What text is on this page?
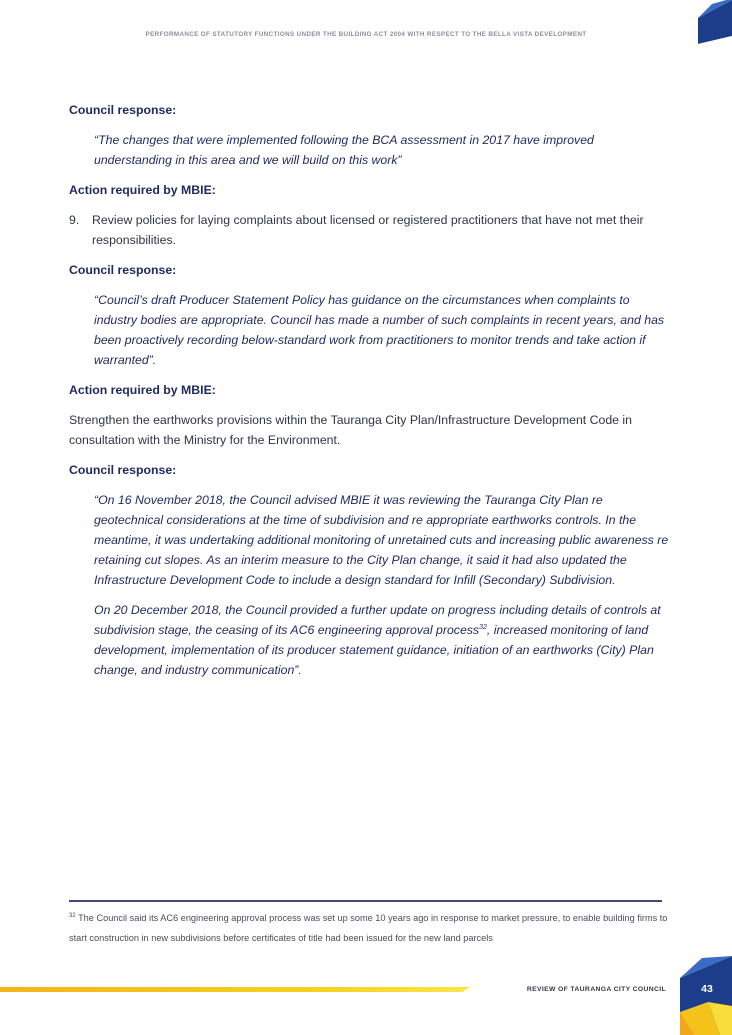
PERFORMANCE OF STATUTORY FUNCTIONS UNDER THE BUILDING ACT 2004 WITH RESPECT TO THE BELLA VISTA DEVELOPMENT

Council response:

“The changes that were implemented following the BCA assessment in 2017 have improved understanding in this area and we will build on this work”

Action required by MBIE:

9.	Review policies for laying complaints about licensed or registered practitioners that have not met their responsibilities.

Council response:

“Council’s draft Producer Statement Policy has guidance on the circumstances when complaints to industry bodies are appropriate. Council has made a number of such complaints in recent years, and has been proactively recording below-standard work from practitioners to monitor trends and take action if warranted”.

Action required by MBIE:

Strengthen the earthworks provisions within the Tauranga City Plan/Infrastructure Development Code in consultation with the Ministry for the Environment.

Council response:

“On 16 November 2018, the Council advised MBIE it was reviewing the Tauranga City Plan re geotechnical considerations at the time of subdivision and re appropriate earthworks controls. In the meantime, it was undertaking additional monitoring of unretained cuts and increasing public awareness re retaining cut slopes. As an interim measure to the City Plan change, it said it had also updated the Infrastructure Development Code to include a design standard for Infill (Secondary) Subdivision.

On 20 December 2018, the Council provided a further update on progress including details of controls at subdivision stage, the ceasing of its AC6 engineering approval process$^{32}$, increased monitoring of land development, implementation of its producer statement guidance, initiation of an earthworks (City) Plan change, and industry communication”.

$^{32}$ The Council said its AC6 engineering approval process was set up some 10 years ago in response to market pressure, to enable building firms to start construction in new subdivisions before certificates of title had been issued for the new land parcels
REVIEW OF TAURANGA CITY COUNCIL	43
